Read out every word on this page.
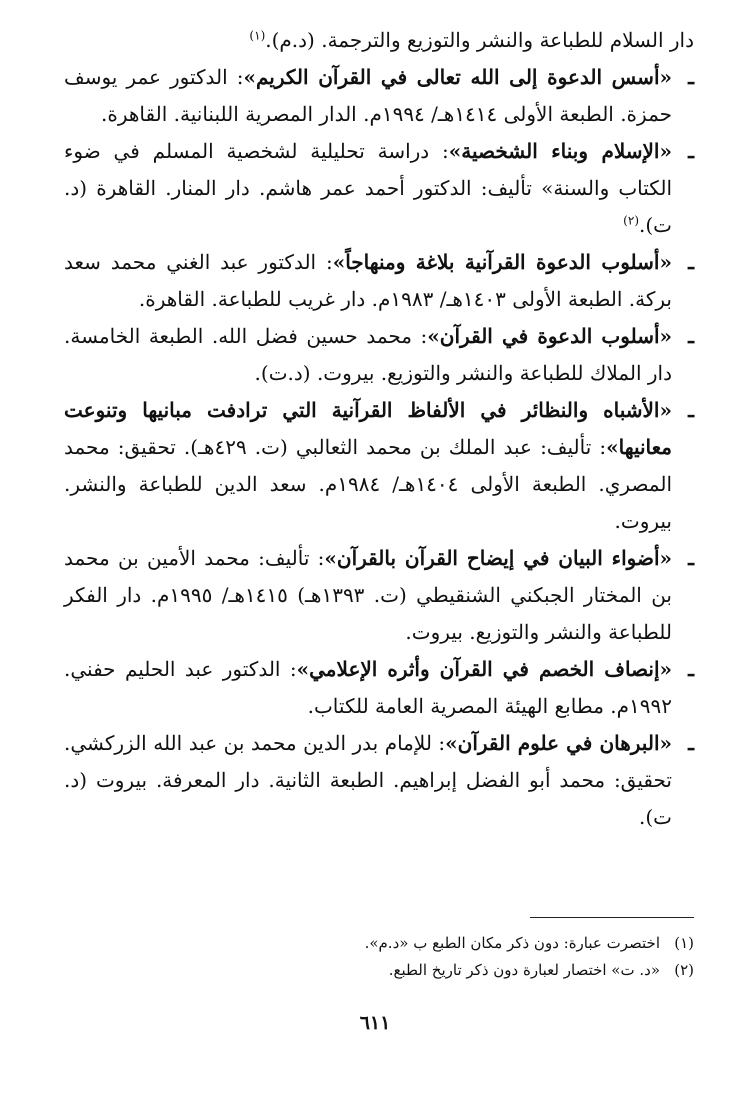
دار السلام للطباعة والنشر والتوزيع والترجمة. (د.م).$^{(١)}$

ـ
«أسس الدعوة إلى الله تعالى في القرآن الكريم»: الدكتور عمر يوسف حمزة. الطبعة الأولى ١٤١٤هـ/ ١٩٩٤م. الدار المصرية اللبنانية. القاهرة.

ـ
«الإسلام وبناء الشخصية»: دراسة تحليلية لشخصية المسلم في ضوء الكتاب والسنة» تأليف: الدكتور أحمد عمر هاشم. دار المنار. القاهرة (د. ت).$^{(٢)}$

ـ
«أسلوب الدعوة القرآنية بلاغة ومنهاجاً»: الدكتور عبد الغني محمد سعد بركة. الطبعة الأولى ١٤٠٣هـ/ ١٩٨٣م. دار غريب للطباعة. القاهرة.

ـ
«أسلوب الدعوة في القرآن»: محمد حسين فضل الله. الطبعة الخامسة. دار الملاك للطباعة والنشر والتوزيع. بيروت. (د.ت).

ـ
«الأشباه والنظائر في الألفاظ القرآنية التي ترادفت مبانيها وتنوعت معانيها»: تأليف: عبد الملك بن محمد الثعالبي (ت. ٤٢٩هـ). تحقيق: محمد المصري. الطبعة الأولى ١٤٠٤هـ/ ١٩٨٤م. سعد الدين للطباعة والنشر. بيروت.

ـ
«أضواء البيان في إيضاح القرآن بالقرآن»: تأليف: محمد الأمين بن محمد بن المختار الجبكني الشنقيطي (ت. ١٣٩٣هـ) ١٤١٥هـ/ ١٩٩٥م. دار الفكر للطباعة والنشر والتوزيع. بيروت.

ـ
«إنصاف الخصم في القرآن وأثره الإعلامي»: الدكتور عبد الحليم حفني. ١٩٩٢م. مطابع الهيئة المصرية العامة للكتاب.

ـ
«البرهان في علوم القرآن»: للإمام بدر الدين محمد بن عبد الله الزركشي. تحقيق: محمد أبو الفضل إبراهيم. الطبعة الثانية. دار المعرفة. بيروت (د. ت).

(١)اختصرت عبارة: دون ذكر مكان الطبع ب «د.م».
(٢)«د. ت» اختصار لعبارة دون ذكر تاريخ الطبع.
٦١١
